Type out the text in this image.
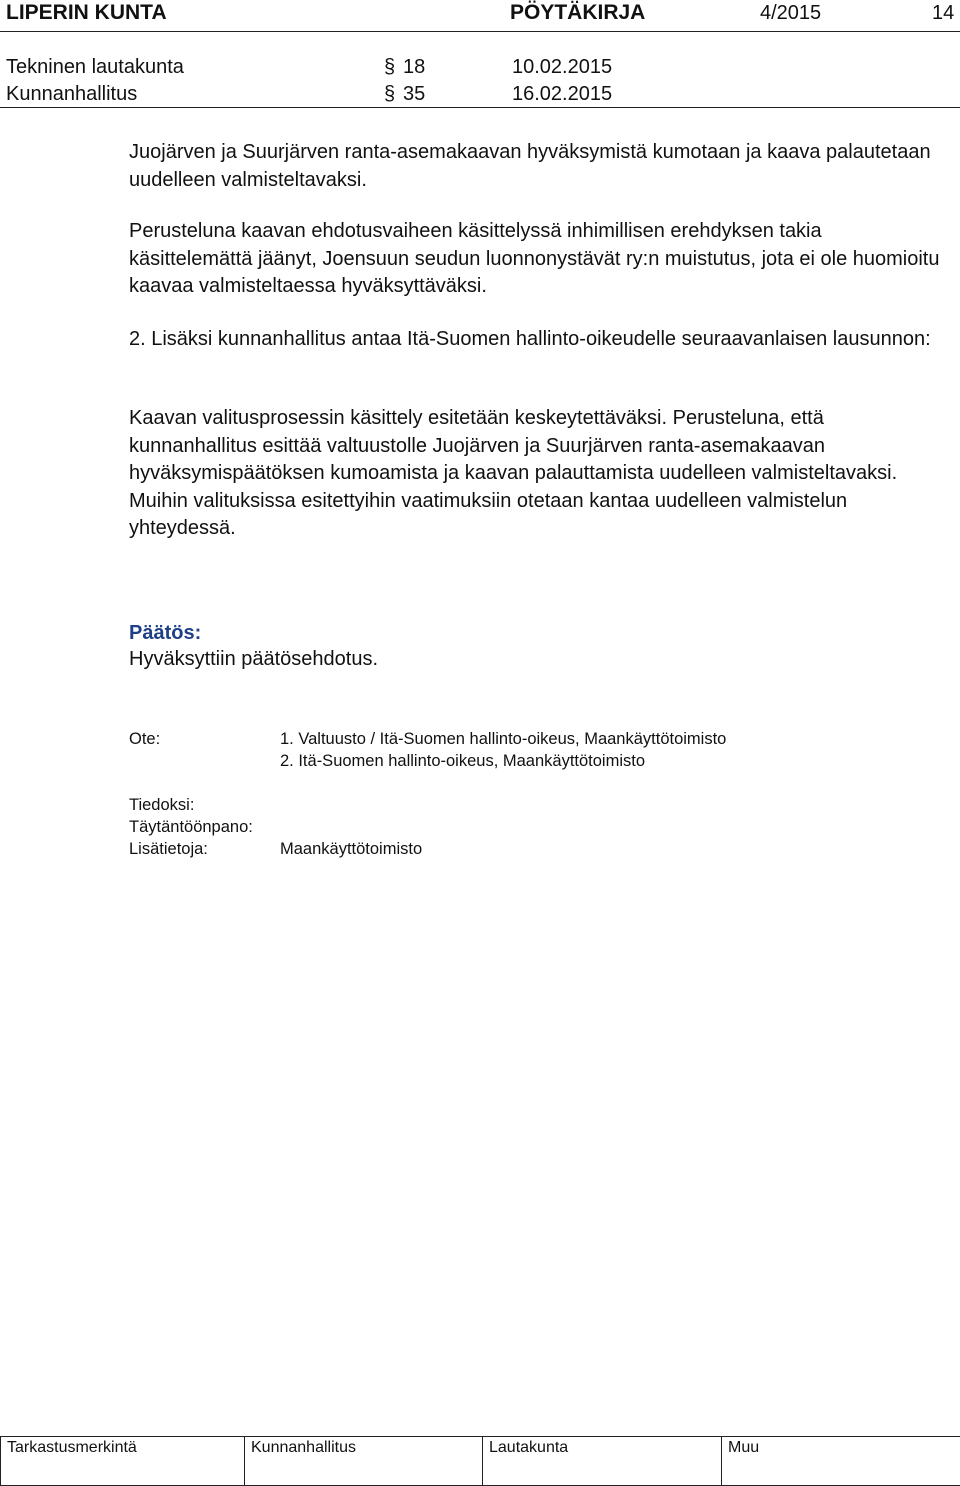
LIPERIN KUNTA	PÖYTÄKIRJA	4/2015	14
Tekninen lautakunta	§ 18	10.02.2015
Kunnanhallitus	§ 35	16.02.2015

Juojärven ja Suurjärven ranta-asemakaavan hyväksymistä kumotaan ja kaava palautetaan uudelleen valmisteltavaksi.

Perusteluna kaavan ehdotusvaiheen käsittelyssä inhimillisen erehdyksen takia käsittelemättä jäänyt, Joensuun seudun luonnonystävät ry:n muistutus, jota ei ole huomioitu kaavaa valmisteltaessa hyväksyttäväksi.

2. Lisäksi kunnanhallitus antaa Itä-Suomen hallinto-oikeudelle seuraavanlaisen lausunnon:

Kaavan valitusprosessin käsittely esitetään keskeytettäväksi. Perusteluna, että kunnanhallitus esittää valtuustolle Juojärven ja Suurjärven ranta-asemakaavan hyväksymispäätöksen kumoamista ja kaavan palauttamista uudelleen valmisteltavaksi. Muihin valituksissa esitettyihin vaatimuksiin otetaan kantaa uudelleen valmistelun yhteydessä.

Päätös:

Hyväksyttiin päätösehdotus.

Ote:	1. Valtuusto / Itä-Suomen hallinto-oikeus, Maankäyttötoimisto
2. Itä-Suomen hallinto-oikeus, Maankäyttötoimisto
Tiedoksi:
Täytäntöönpano:
Lisätietoja:	Maankäyttötoimisto
Tarkastusmerkintä	Kunnanhallitus	Lautakunta	Muu
